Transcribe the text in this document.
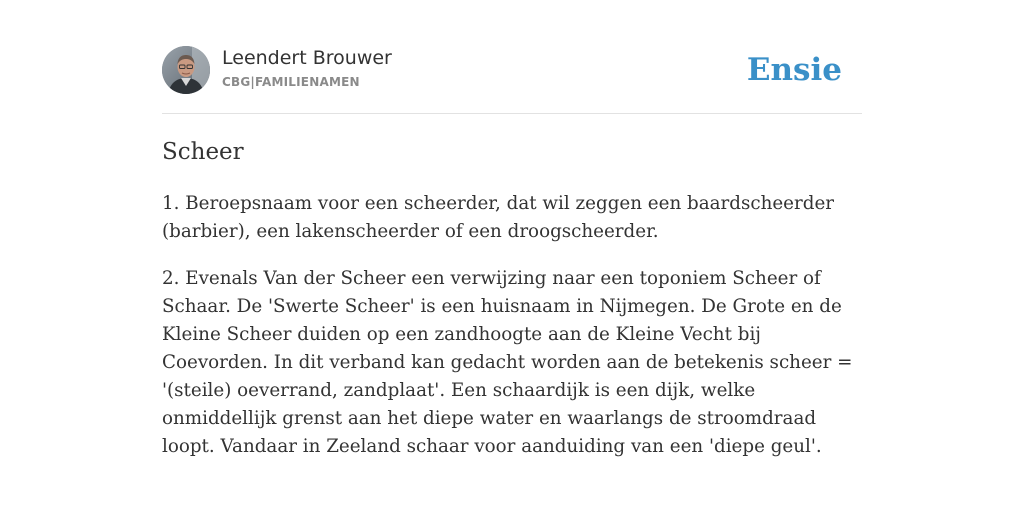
Leendert Brouwer
CBG|FAMILIENAMEN	Ensie
Scheer

1. Beroepsnaam voor een scheerder, dat wil zeggen een baardscheerder (barbier), een lakenscheerder of een droogscheerder.

2. Evenals Van der Scheer een verwijzing naar een toponiem Scheer of Schaar. De 'Swerte Scheer' is een huisnaam in Nijmegen. De Grote en de Kleine Scheer duiden op een zandhoogte aan de Kleine Vecht bij Coevorden. In dit verband kan gedacht worden aan de betekenis scheer = '(steile) oeverrand, zandplaat'. Een schaardijk is een dijk, welke onmiddellijk grenst aan het diepe water en waarlangs de stroomdraad loopt. Vandaar in Zeeland schaar voor aanduiding van een 'diepe geul'.
